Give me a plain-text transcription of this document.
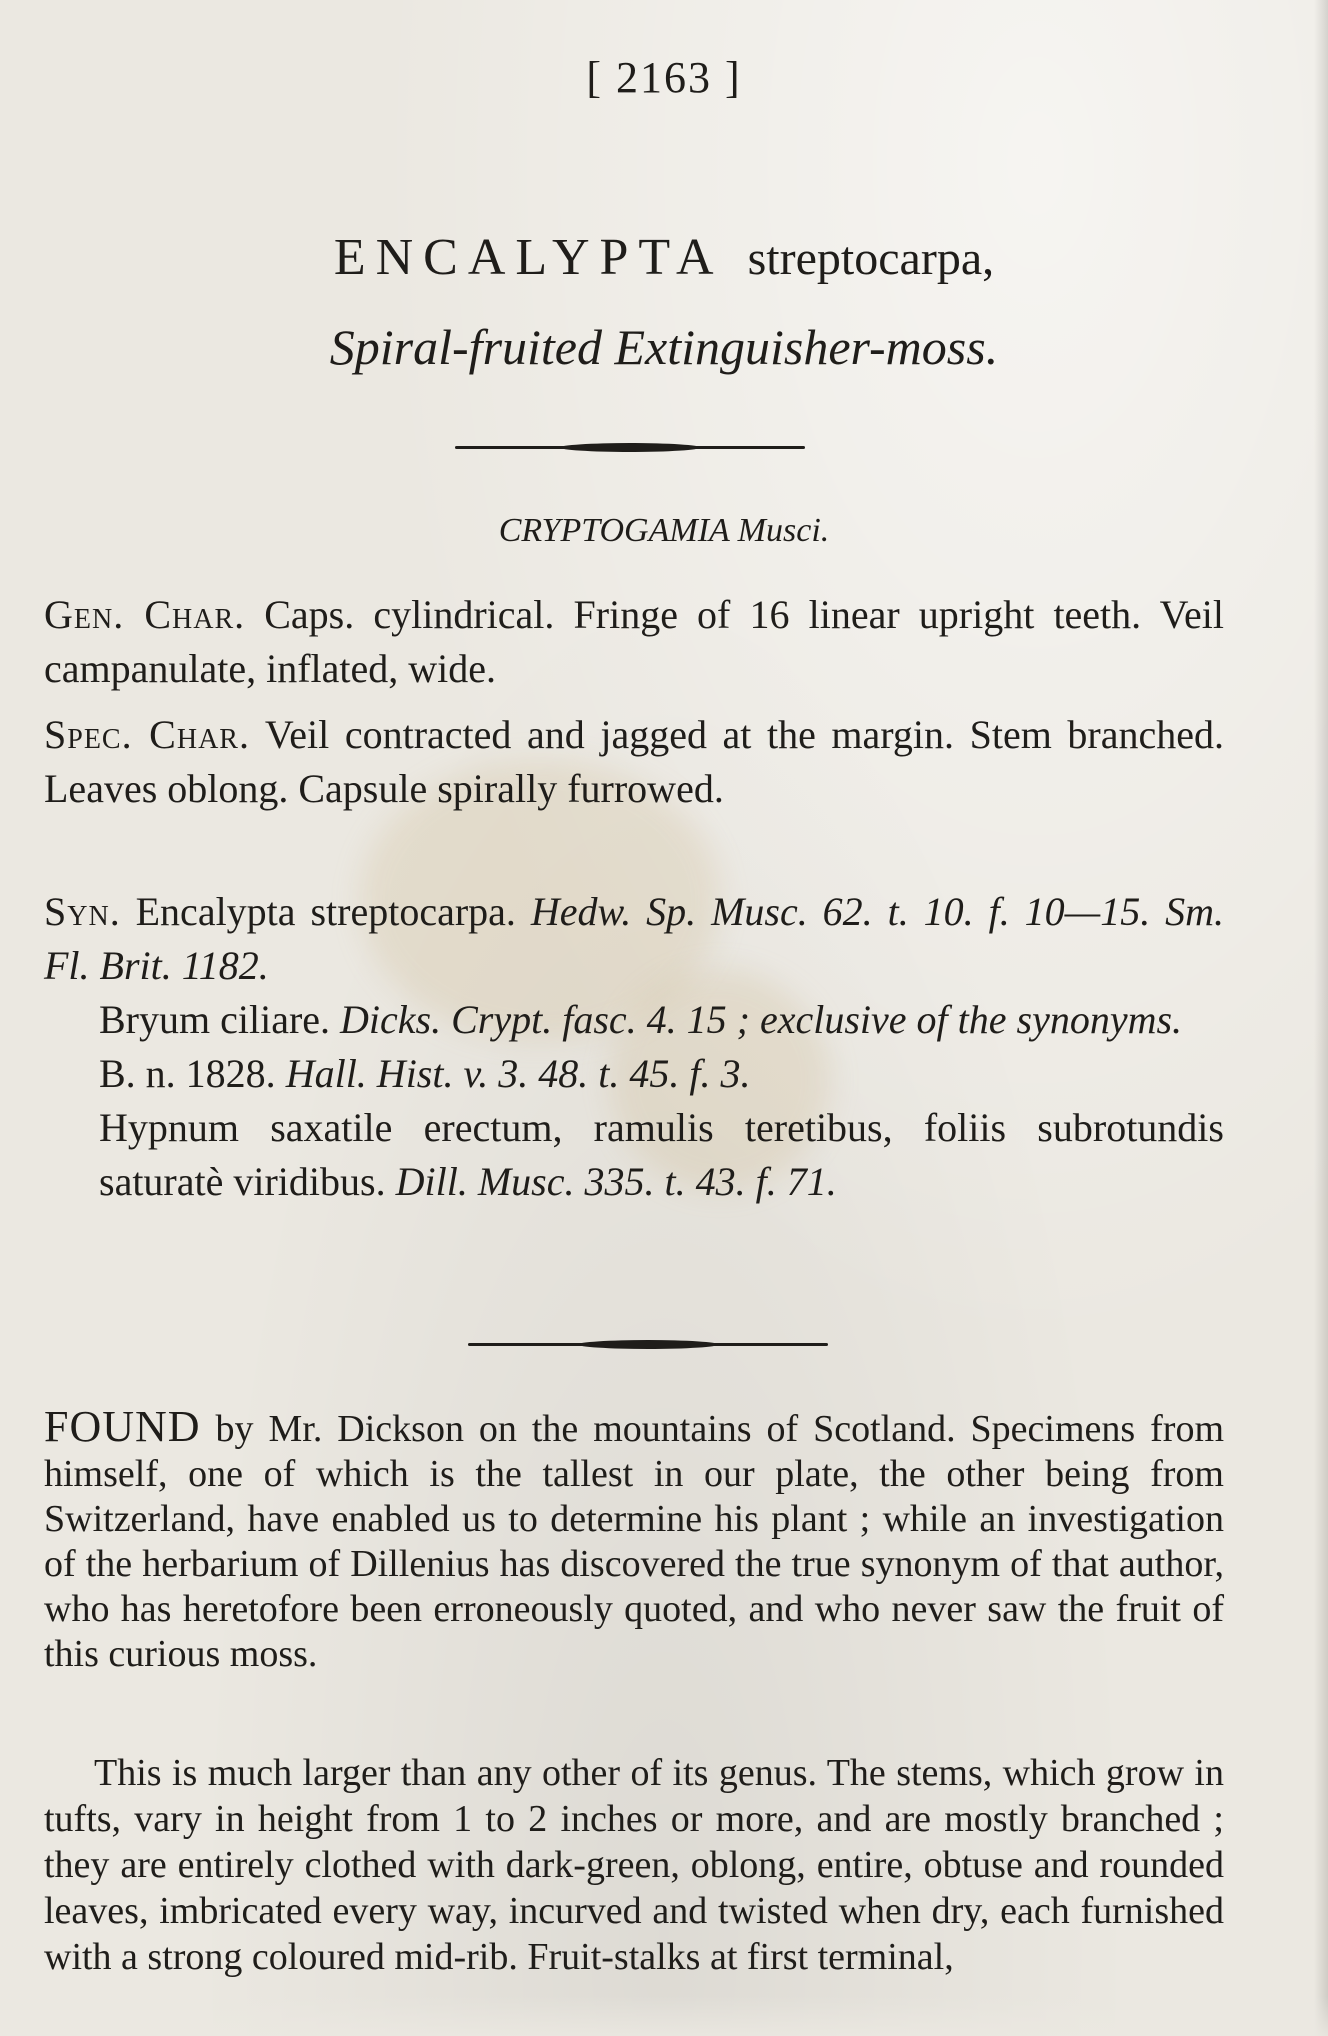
[ 2163 ]
ENCALYPTA streptocarpa,
Spiral-fruited Extinguisher-moss.
CRYPTOGAMIA Musci.
Gen. Char. Caps. cylindrical. Fringe of 16 linear upright teeth. Veil campanulate, inflated, wide.
Spec. Char. Veil contracted and jagged at the margin. Stem branched. Leaves oblong. Capsule spirally furrowed.
Syn. Encalypta streptocarpa. Hedw. Sp. Musc. 62. t. 10. f. 10—15. Sm. Fl. Brit. 1182.
Bryum ciliare. Dicks. Crypt. fasc. 4. 15 ; exclusive of the synonyms.
B. n. 1828. Hall. Hist. v. 3. 48. t. 45. f. 3.
Hypnum saxatile erectum, ramulis teretibus, foliis subrotundis saturatè viridibus. Dill. Musc. 335. t. 43. f. 71.
FOUND by Mr. Dickson on the mountains of Scotland. Specimens from himself, one of which is the tallest in our plate, the other being from Switzerland, have enabled us to determine his plant ; while an investigation of the herbarium of Dillenius has discovered the true synonym of that author, who has heretofore been erroneously quoted, and who never saw the fruit of this curious moss.
This is much larger than any other of its genus. The stems, which grow in tufts, vary in height from 1 to 2 inches or more, and are mostly branched ; they are entirely clothed with dark-green, oblong, entire, obtuse and rounded leaves, imbricated every way, incurved and twisted when dry, each furnished with a strong coloured mid-rib. Fruit-stalks at first terminal,
